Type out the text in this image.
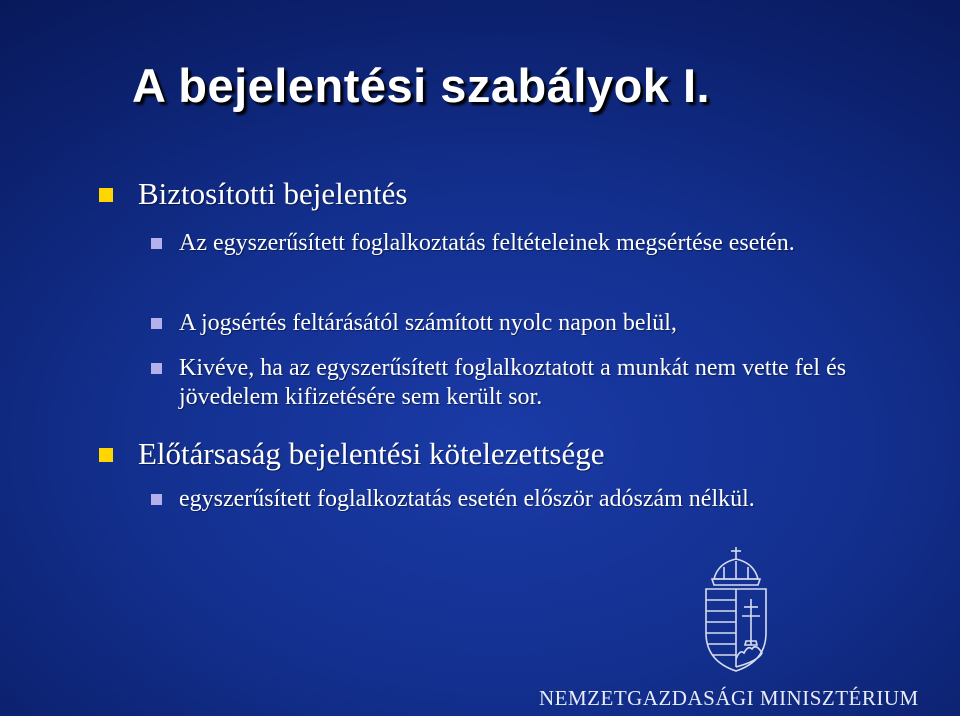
A bejelentési szabályok I.
Biztosítotti bejelentés
Az egyszerűsített foglalkoztatás feltételeinek megsértése esetén.
A jogsértés feltárásától számított nyolc napon belül,
Kivéve, ha az egyszerűsített foglalkoztatott a munkát nem vette fel és jövedelem kifizetésére sem került sor.
Előtársaság bejelentési kötelezettsége
egyszerűsített foglalkoztatás esetén először adószám nélkül.
NEMZETGAZDASÁGI MINISZTÉRIUM
